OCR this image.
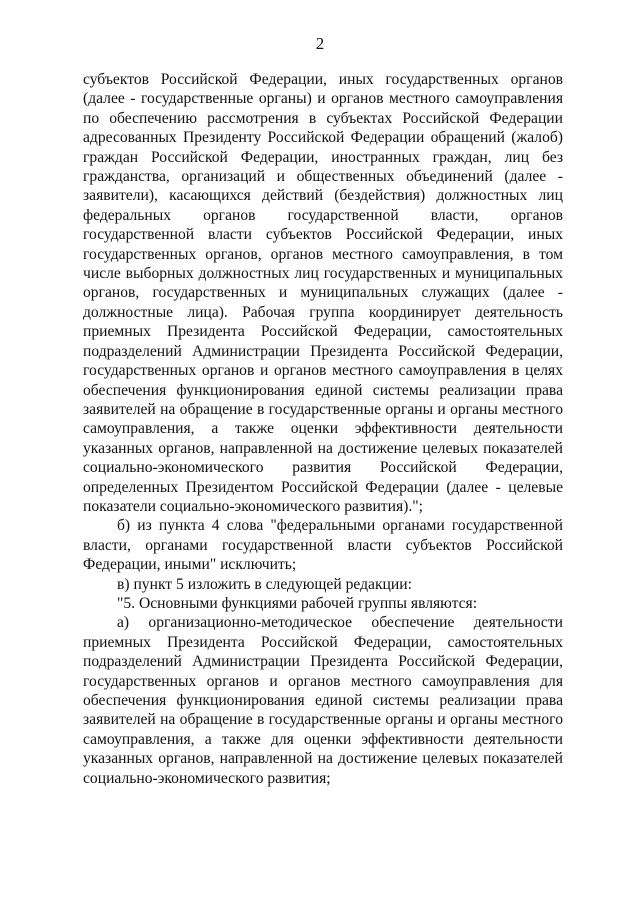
2

субъектов Российской Федерации, иных государственных органов (далее - государственные органы) и органов местного самоуправления по обеспечению рассмотрения в субъектах Российской Федерации адресованных Президенту Российской Федерации обращений (жалоб) граждан Российской Федерации, иностранных граждан, лиц без гражданства, организаций и общественных объединений (далее - заявители), касающихся действий (бездействия) должностных лиц федеральных органов государственной власти, органов государственной власти субъектов Российской Федерации, иных государственных органов, органов местного самоуправления, в том числе выборных должностных лиц государственных и муниципальных органов, государственных и муниципальных служащих (далее - должностные лица). Рабочая группа координирует деятельность приемных Президента Российской Федерации, самостоятельных подразделений Администрации Президента Российской Федерации, государственных органов и органов местного самоуправления в целях обеспечения функционирования единой системы реализации права заявителей на обращение в государственные органы и органы местного самоуправления, а также оценки эффективности деятельности указанных органов, направленной на достижение целевых показателей социально-экономического развития Российской Федерации, определенных Президентом Российской Федерации (далее - целевые показатели социально-экономического развития).";

б) из пункта 4 слова "федеральными органами государственной власти, органами государственной власти субъектов Российской Федерации, иными" исключить;

в) пункт 5 изложить в следующей редакции:

"5. Основными функциями рабочей группы являются:

а) организационно-методическое обеспечение деятельности приемных Президента Российской Федерации, самостоятельных подразделений Администрации Президента Российской Федерации, государственных органов и органов местного самоуправления для обеспечения функционирования единой системы реализации права заявителей на обращение в государственные органы и органы местного самоуправления, а также для оценки эффективности деятельности указанных органов, направленной на достижение целевых показателей социально-экономического развития;
